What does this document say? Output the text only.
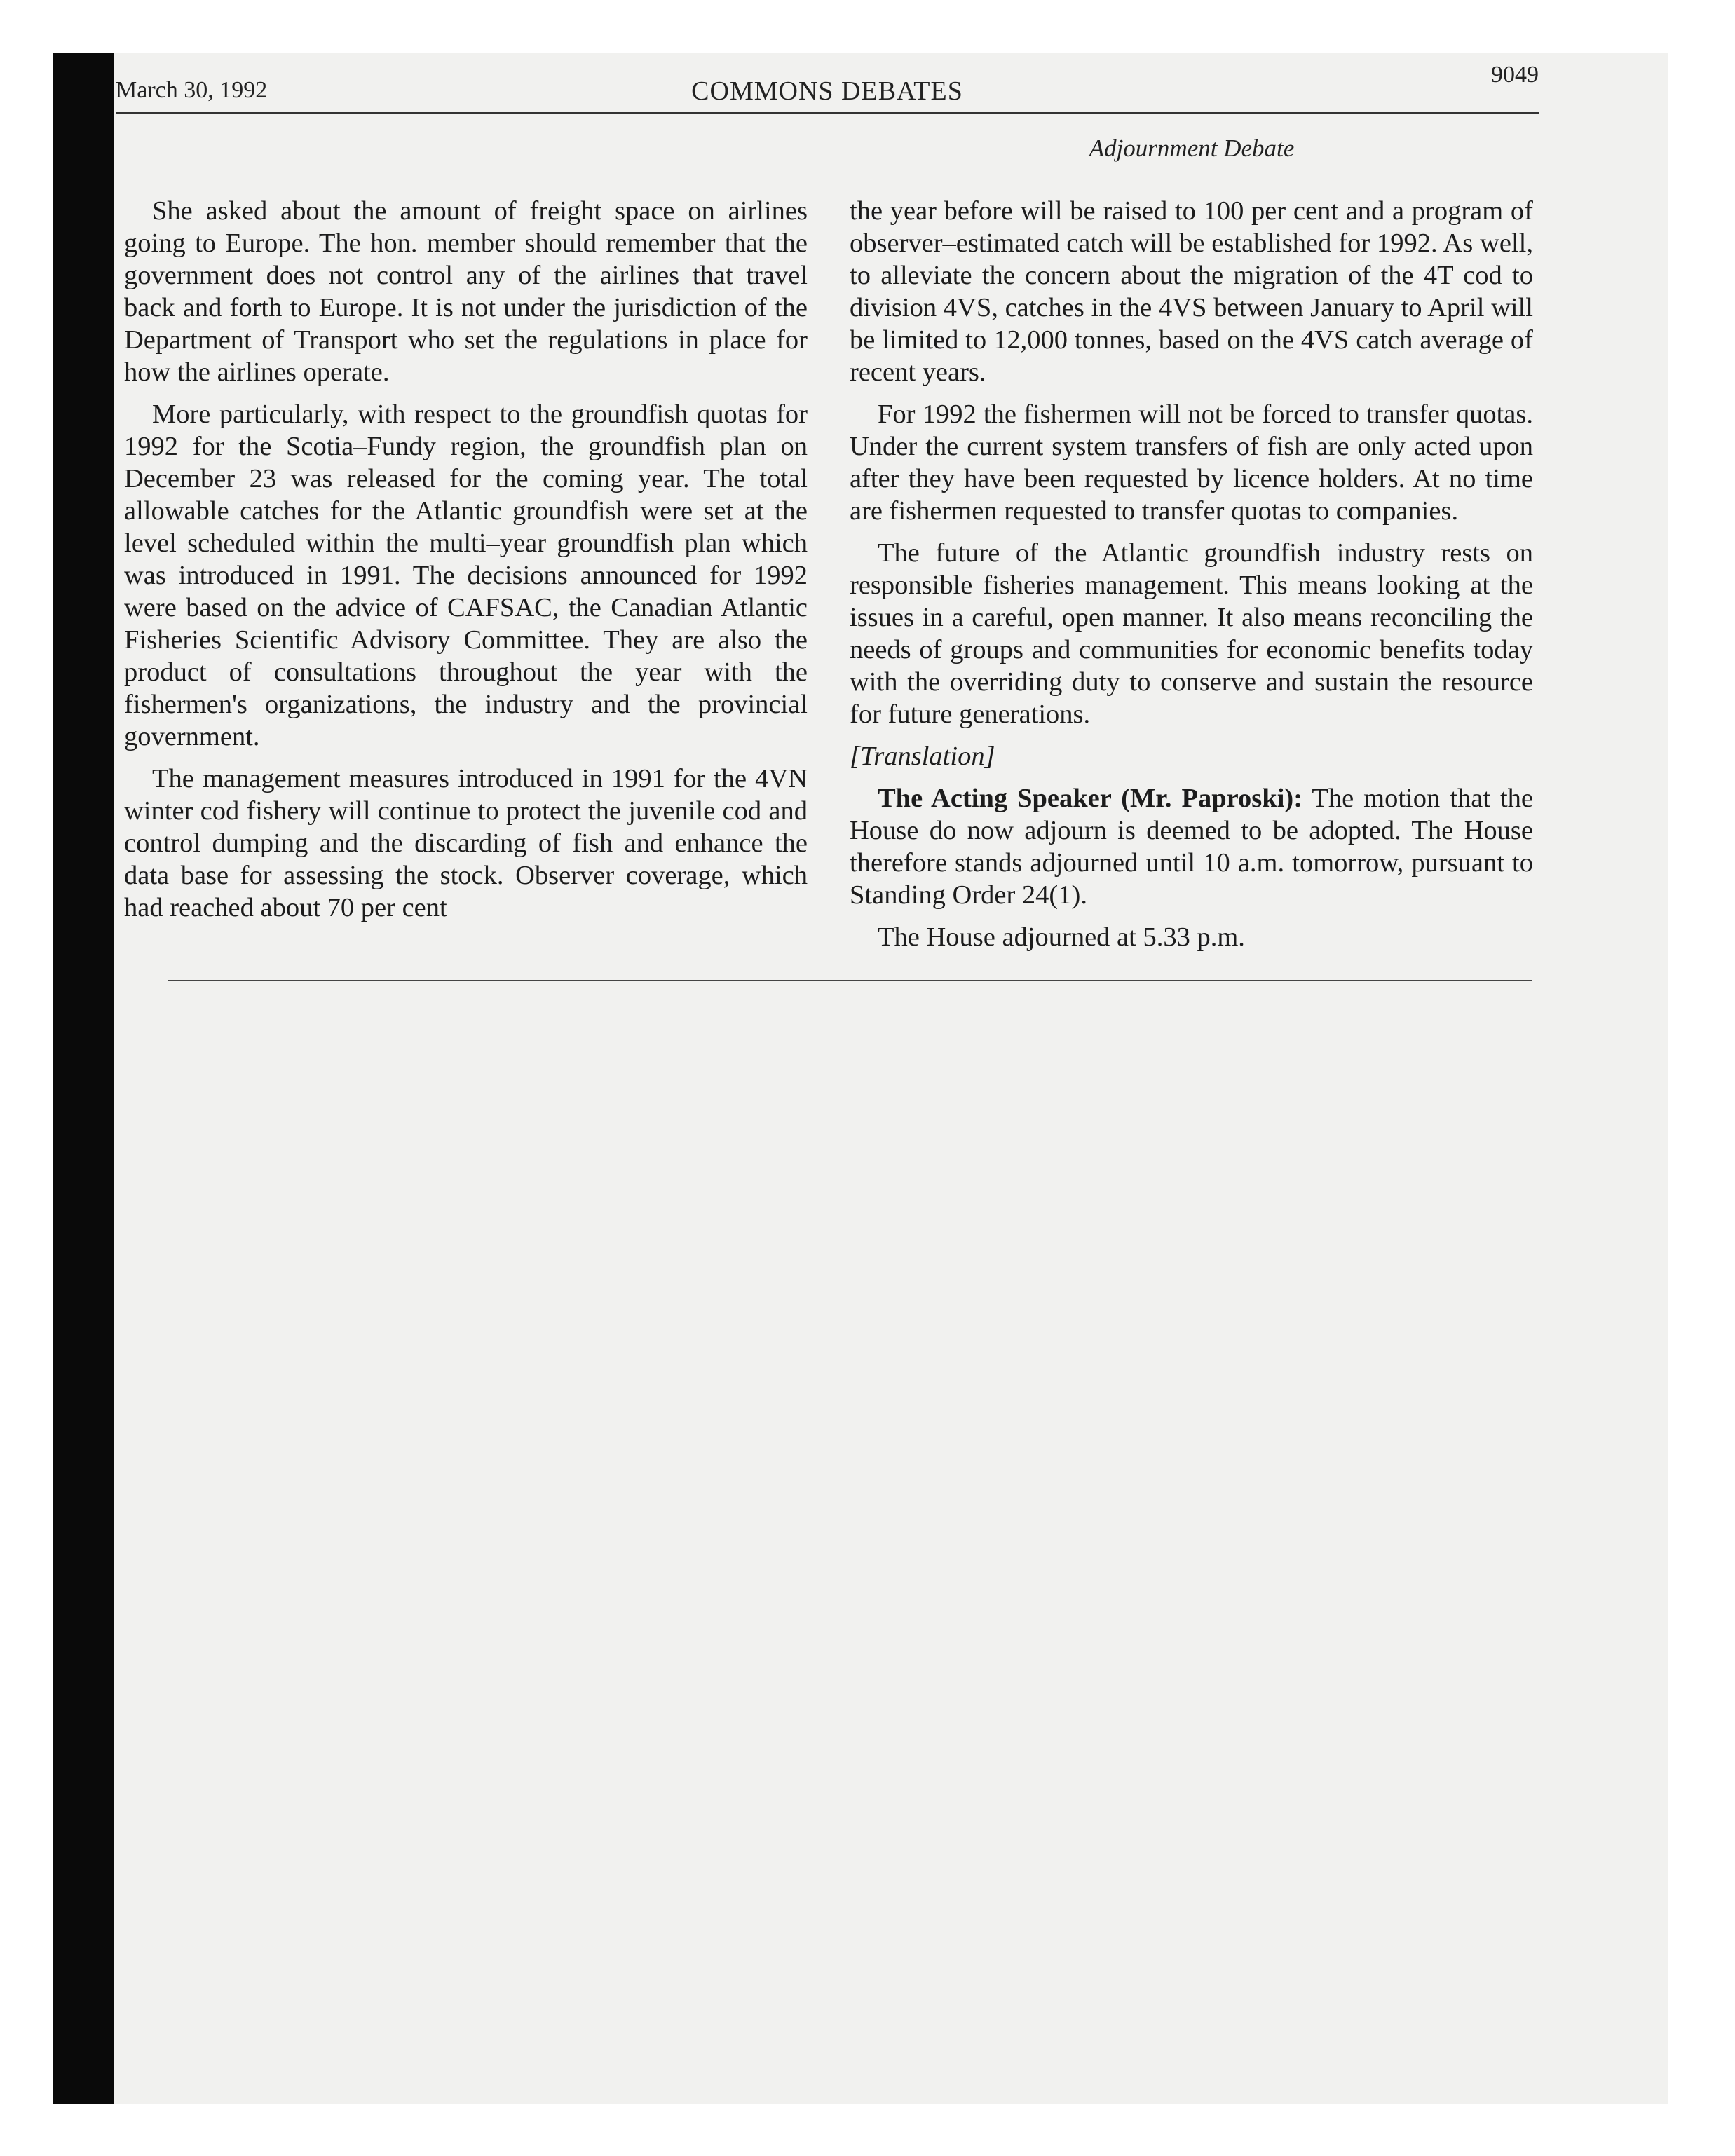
March 30, 1992	COMMONS DEBATES
9049
Adjournment Debate

She asked about the amount of freight space on airlines going to Europe. The hon. member should remember that the government does not control any of the airlines that travel back and forth to Europe. It is not under the jurisdiction of the Department of Transport who set the regulations in place for how the airlines operate.

More particularly, with respect to the groundfish quotas for 1992 for the Scotia–Fundy region, the groundfish plan on December 23 was released for the coming year. The total allowable catches for the Atlantic groundfish were set at the level scheduled within the multi–year groundfish plan which was introduced in 1991. The decisions announced for 1992 were based on the advice of CAFSAC, the Canadian Atlantic Fisheries Scientific Advisory Committee. They are also the product of consultations throughout the year with the fishermen's organizations, the industry and the provincial government.

The management measures introduced in 1991 for the 4VN winter cod fishery will continue to protect the juvenile cod and control dumping and the discarding of fish and enhance the data base for assessing the stock. Observer coverage, which had reached about 70 per cent

the year before will be raised to 100 per cent and a program of observer–estimated catch will be established for 1992. As well, to alleviate the concern about the migration of the 4T cod to division 4VS, catches in the 4VS between January to April will be limited to 12,000 tonnes, based on the 4VS catch average of recent years.

For 1992 the fishermen will not be forced to transfer quotas. Under the current system transfers of fish are only acted upon after they have been requested by licence holders. At no time are fishermen requested to transfer quotas to companies.

The future of the Atlantic groundfish industry rests on responsible fisheries management. This means looking at the issues in a careful, open manner. It also means reconciling the needs of groups and communities for economic benefits today with the overriding duty to conserve and sustain the resource for future generations.

[Translation]

The Acting Speaker (Mr. Paproski): The motion that the House do now adjourn is deemed to be adopted. The House therefore stands adjourned until 10 a.m. tomorrow, pursuant to Standing Order 24(1).

The House adjourned at 5.33 p.m.
